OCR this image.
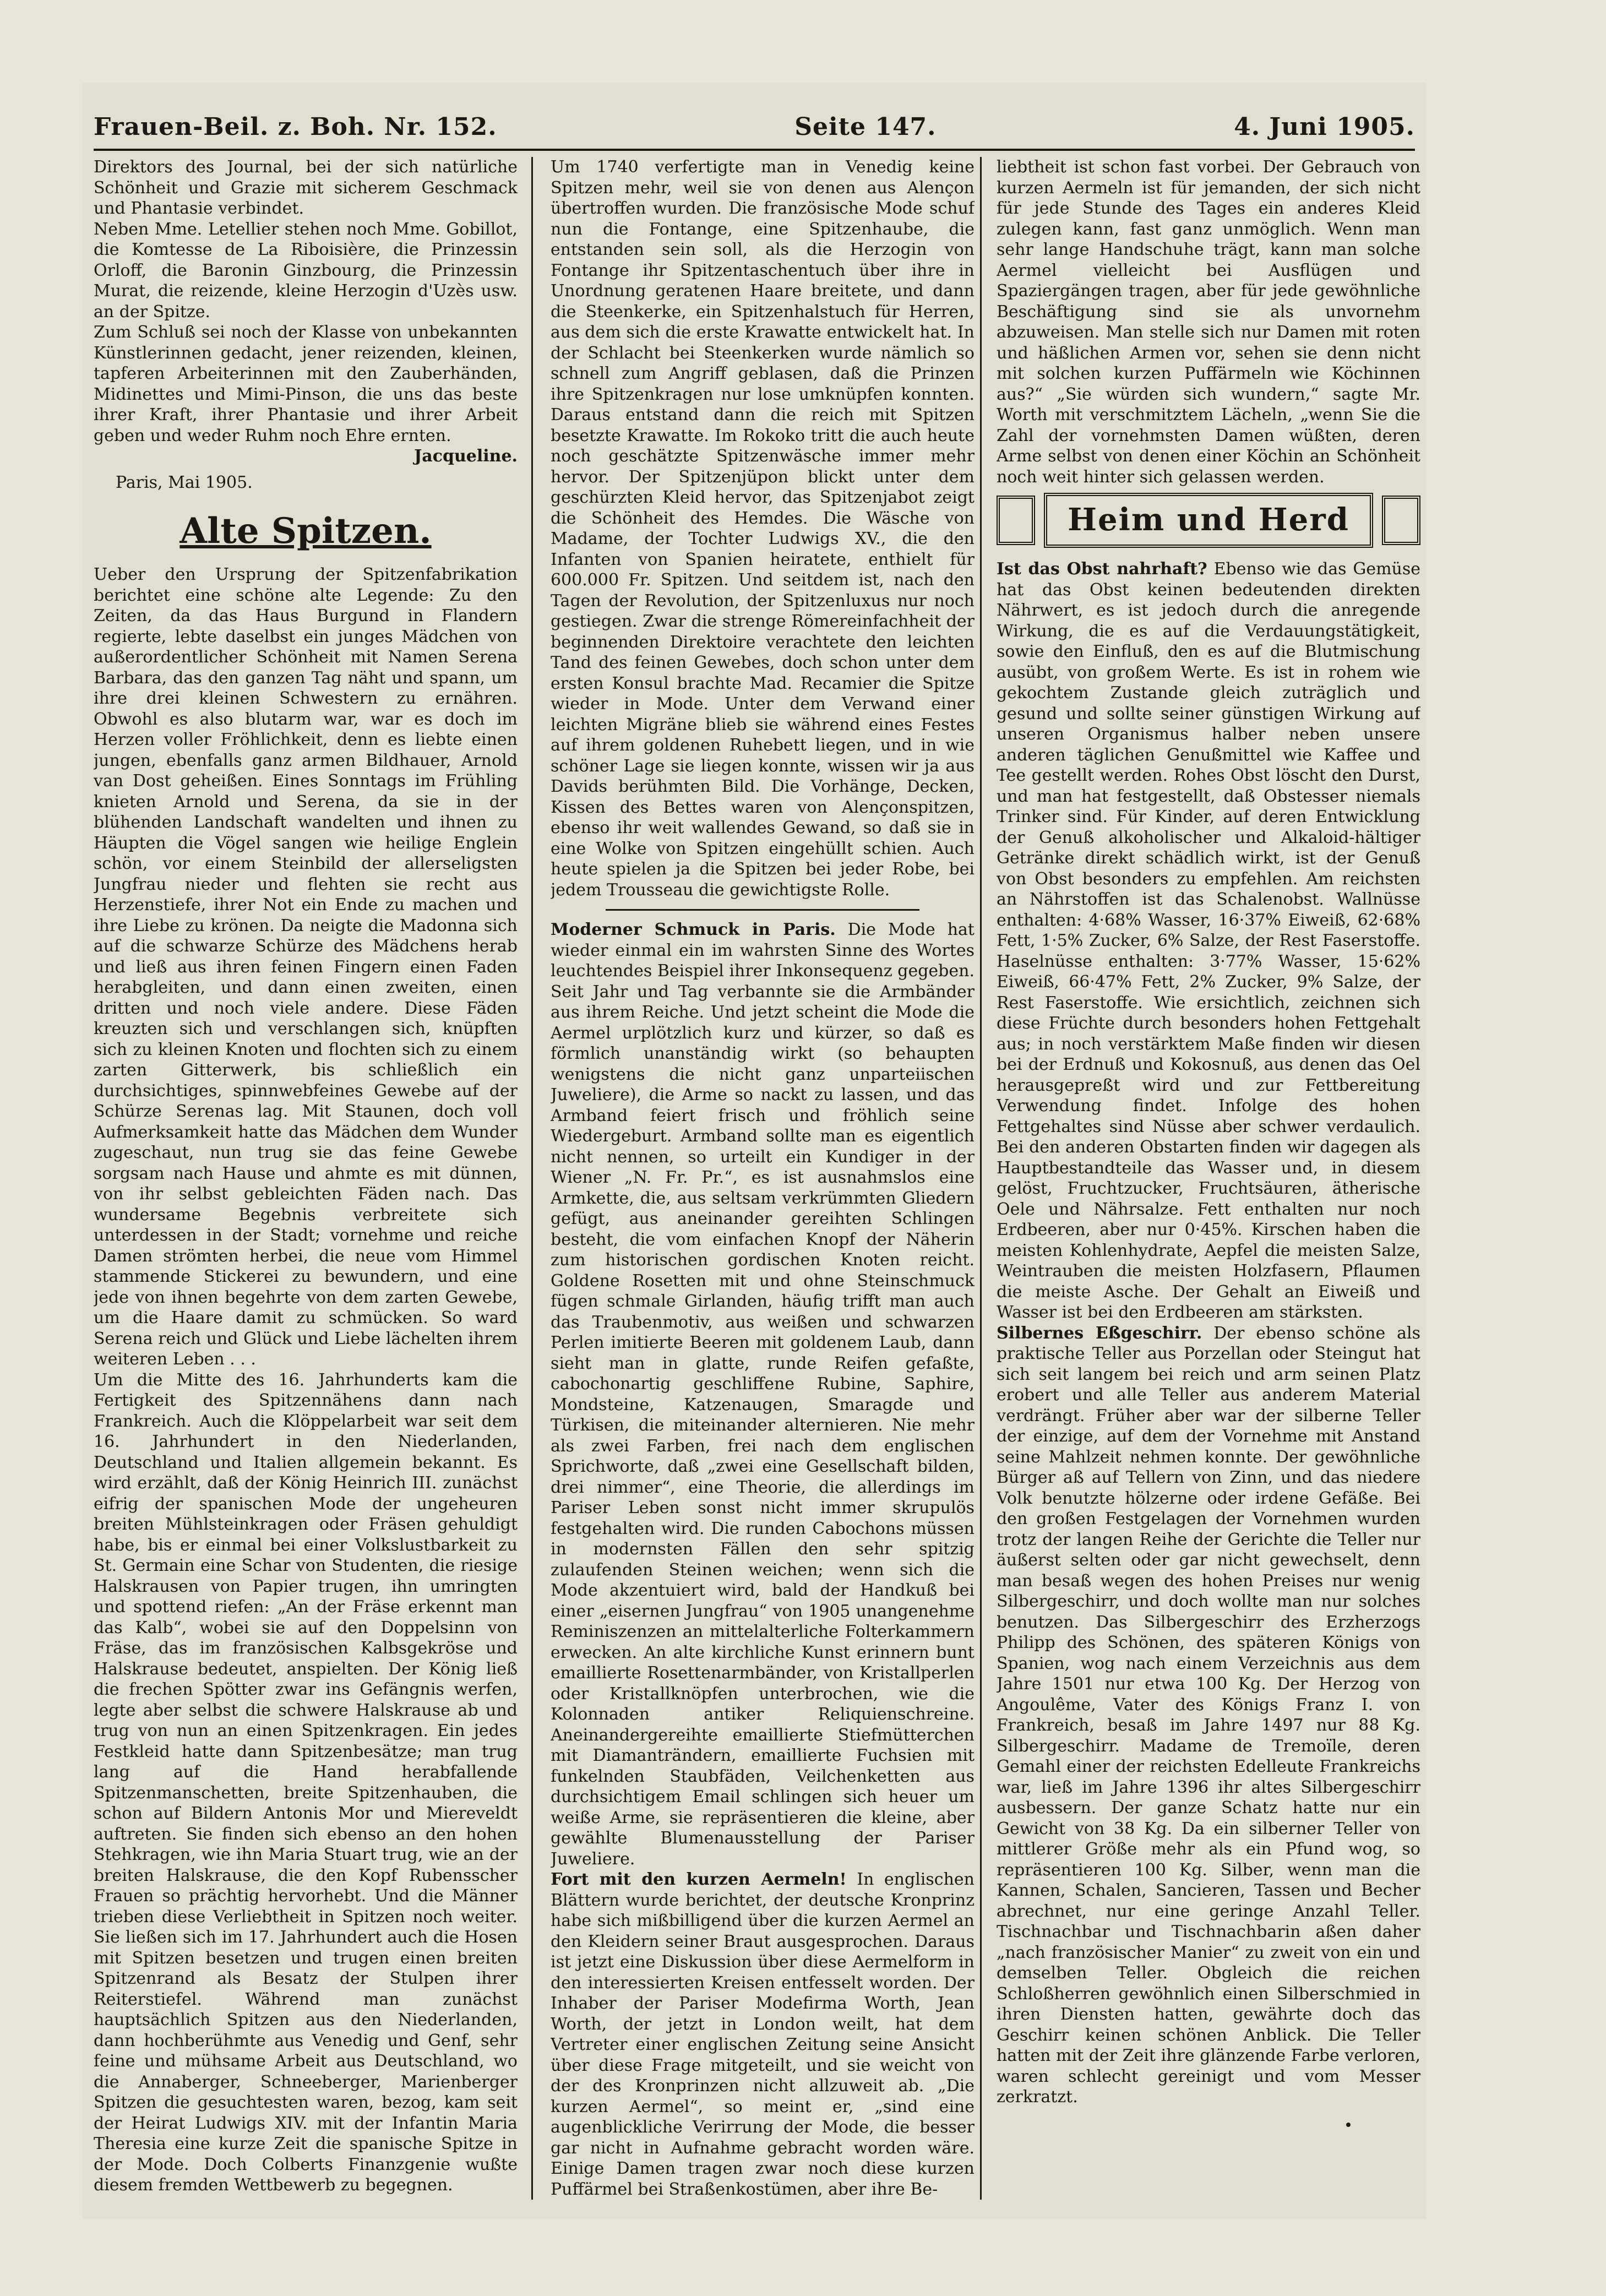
Frauen-Beil. z. Boh. Nr. 152.	Seite 147.	4. Juni 1905.
Direktors des Journal, bei der sich natürliche Schönheit und Grazie mit sicherem Geschmack und Phantasie verbindet.
Neben Mme. Letellier stehen noch Mme. Gobillot, die Komtesse de La Riboisière, die Prinzessin Orloff, die Baronin Ginzbourg, die Prinzessin Murat, die reizende, kleine Herzogin d'Uzès usw. an der Spitze.
Zum Schluß sei noch der Klasse von unbekannten Künstlerinnen gedacht, jener reizenden, kleinen, tapferen Arbeiterinnen mit den Zauberhänden, Midinettes und Mimi-Pinson, die uns das beste ihrer Kraft, ihrer Phantasie und ihrer Arbeit geben und weder Ruhm noch Ehre ernten.

Jacqueline.
Paris, Mai 1905.
Alte Spitzen.
Ueber den Ursprung der Spitzenfabrikation berichtet eine schöne alte Legende: Zu den Zeiten, da das Haus Burgund in Flandern regierte, lebte daselbst ein junges Mädchen von außerordentlicher Schönheit mit Namen Serena Barbara, das den ganzen Tag näht und spann, um ihre drei kleinen Schwestern zu ernähren. Obwohl es also blutarm war, war es doch im Herzen voller Fröhlichkeit, denn es liebte einen jungen, ebenfalls ganz armen Bildhauer, Arnold van Dost geheißen. Eines Sonntags im Frühling knieten Arnold und Serena, da sie in der blühenden Landschaft wandelten und ihnen zu Häupten die Vögel sangen wie heilige Englein schön, vor einem Steinbild der allerseligsten Jungfrau nieder und flehten sie recht aus Herzenstiefe, ihrer Not ein Ende zu machen und ihre Liebe zu krönen. Da neigte die Madonna sich auf die schwarze Schürze des Mädchens herab und ließ aus ihren feinen Fingern einen Faden herabgleiten, und dann einen zweiten, einen dritten und noch viele andere. Diese Fäden kreuzten sich und verschlangen sich, knüpften sich zu kleinen Knoten und flochten sich zu einem zarten Gitterwerk, bis schließlich ein durchsichtiges, spinnwebfeines Gewebe auf der Schürze Serenas lag. Mit Staunen, doch voll Aufmerksamkeit hatte das Mädchen dem Wunder zugeschaut, nun trug sie das feine Gewebe sorgsam nach Hause und ahmte es mit dünnen, von ihr selbst gebleichten Fäden nach. Das wundersame Begebnis verbreitete sich unterdessen in der Stadt; vornehme und reiche Damen strömten herbei, die neue vom Himmel stammende Stickerei zu bewundern, und eine jede von ihnen begehrte von dem zarten Gewebe, um die Haare damit zu schmücken. So ward Serena reich und Glück und Liebe lächelten ihrem weiteren Leben . . .
Um die Mitte des 16. Jahrhunderts kam die Fertigkeit des Spitzennähens dann nach Frankreich. Auch die Klöppelarbeit war seit dem 16. Jahrhundert in den Niederlanden, Deutschland und Italien allgemein bekannt. Es wird erzählt, daß der König Heinrich III. zunächst eifrig der spanischen Mode der ungeheuren breiten Mühlsteinkragen oder Fräsen gehuldigt habe, bis er einmal bei einer Volkslustbarkeit zu St. Germain eine Schar von Studenten, die riesige Halskrausen von Papier trugen, ihn umringten und spottend riefen: „An der Fräse erkennt man das Kalb“, wobei sie auf den Doppelsinn von Fräse, das im französischen Kalbsgekröse und Halskrause bedeutet, anspielten. Der König ließ die frechen Spötter zwar ins Gefängnis werfen, legte aber selbst die schwere Halskrause ab und trug von nun an einen Spitzenkragen. Ein jedes Festkleid hatte dann Spitzenbesätze; man trug lang auf die Hand herabfallende Spitzenmanschetten, breite Spitzenhauben, die schon auf Bildern Antonis Mor und Miereveldt auftreten. Sie finden sich ebenso an den hohen Stehkragen, wie ihn Maria Stuart trug, wie an der breiten Halskrause, die den Kopf Rubensscher Frauen so prächtig hervorhebt. Und die Männer trieben diese Verliebtheit in Spitzen noch weiter. Sie ließen sich im 17. Jahrhundert auch die Hosen mit Spitzen besetzen und trugen einen breiten Spitzenrand als Besatz der Stulpen ihrer Reiterstiefel. Während man zunächst hauptsächlich Spitzen aus den Niederlanden, dann hochberühmte aus Venedig und Genf, sehr feine und mühsame Arbeit aus Deutschland, wo die Annaberger, Schneeberger, Marienberger Spitzen die gesuchtesten waren, bezog, kam seit der Heirat Ludwigs XIV. mit der Infantin Maria Theresia eine kurze Zeit die spanische Spitze in der Mode. Doch Colberts Finanzgenie wußte diesem fremden Wettbewerb zu begegnen.
Um 1740 verfertigte man in Venedig keine Spitzen mehr, weil sie von denen aus Alençon übertroffen wurden. Die französische Mode schuf nun die Fontange, eine Spitzenhaube, die entstanden sein soll, als die Herzogin von Fontange ihr Spitzentaschentuch über ihre in Unordnung geratenen Haare breitete, und dann die Steenkerke, ein Spitzenhalstuch für Herren, aus dem sich die erste Krawatte entwickelt hat. In der Schlacht bei Steenkerken wurde nämlich so schnell zum Angriff geblasen, daß die Prinzen ihre Spitzenkragen nur lose umknüpfen konnten. Daraus entstand dann die reich mit Spitzen besetzte Krawatte. Im Rokoko tritt die auch heute noch geschätzte Spitzenwäsche immer mehr hervor. Der Spitzenjüpon blickt unter dem geschürzten Kleid hervor, das Spitzenjabot zeigt die Schönheit des Hemdes. Die Wäsche von Madame, der Tochter Ludwigs XV., die den Infanten von Spanien heiratete, enthielt für 600.000 Fr. Spitzen. Und seitdem ist, nach den Tagen der Revolution, der Spitzenluxus nur noch gestiegen. Zwar die strenge Römereinfachheit der beginnenden Direktoire verachtete den leichten Tand des feinen Gewebes, doch schon unter dem ersten Konsul brachte Mad. Recamier die Spitze wieder in Mode. Unter dem Verwand einer leichten Migräne blieb sie während eines Festes auf ihrem goldenen Ruhebett liegen, und in wie schöner Lage sie liegen konnte, wissen wir ja aus Davids berühmten Bild. Die Vorhänge, Decken, Kissen des Bettes waren von Alençonspitzen, ebenso ihr weit wallendes Gewand, so daß sie in eine Wolke von Spitzen eingehüllt schien. Auch heute spielen ja die Spitzen bei jeder Robe, bei jedem Trousseau die gewichtigste Rolle.
Moderner Schmuck in Paris. Die Mode hat wieder einmal ein im wahrsten Sinne des Wortes leuchtendes Beispiel ihrer Inkonsequenz gegeben. Seit Jahr und Tag verbannte sie die Armbänder aus ihrem Reiche. Und jetzt scheint die Mode die Aermel urplötzlich kurz und kürzer, so daß es förmlich unanständig wirkt (so behaupten wenigstens die nicht ganz unparteiischen Juweliere), die Arme so nackt zu lassen, und das Armband feiert frisch und fröhlich seine Wiedergeburt. Armband sollte man es eigentlich nicht nennen, so urteilt ein Kundiger in der Wiener „N. Fr. Pr.“, es ist ausnahmslos eine Armkette, die, aus seltsam verkrümmten Gliedern gefügt, aus aneinander gereihten Schlingen besteht, die vom einfachen Knopf der Näherin zum historischen gordischen Knoten reicht. Goldene Rosetten mit und ohne Steinschmuck fügen schmale Girlanden, häufig trifft man auch das Traubenmotiv, aus weißen und schwarzen Perlen imitierte Beeren mit goldenem Laub, dann sieht man in glatte, runde Reifen gefaßte, cabochonartig geschliffene Rubine, Saphire, Mondsteine, Katzenaugen, Smaragde und Türkisen, die miteinander alternieren. Nie mehr als zwei Farben, frei nach dem englischen Sprichworte, daß „zwei eine Gesellschaft bilden, drei nimmer“, eine Theorie, die allerdings im Pariser Leben sonst nicht immer skrupulös festgehalten wird. Die runden Cabochons müssen in modernsten Fällen den sehr spitzig zulaufenden Steinen weichen; wenn sich die Mode akzentuiert wird, bald der Handkuß bei einer „eisernen Jungfrau“ von 1905 unangenehme Reminiszenzen an mittelalterliche Folterkammern erwecken. An alte kirchliche Kunst erinnern bunt emaillierte Rosettenarmbänder, von Kristallperlen oder Kristallknöpfen unterbrochen, wie die Kolonnaden antiker Reliquienschreine. Aneinandergereihte emaillierte Stiefmütterchen mit Diamanträndern, emaillierte Fuchsien mit funkelnden Staubfäden, Veilchenketten aus durchsichtigem Email schlingen sich heuer um weiße Arme, sie repräsentieren die kleine, aber gewählte Blumenausstellung der Pariser Juweliere.
Fort mit den kurzen Aermeln! In englischen Blättern wurde berichtet, der deutsche Kronprinz habe sich mißbilligend über die kurzen Aermel an den Kleidern seiner Braut ausgesprochen. Daraus ist jetzt eine Diskussion über diese Aermelform in den interessierten Kreisen entfesselt worden. Der Inhaber der Pariser Modefirma Worth, Jean Worth, der jetzt in London weilt, hat dem Vertreter einer englischen Zeitung seine Ansicht über diese Frage mitgeteilt, und sie weicht von der des Kronprinzen nicht allzuweit ab. „Die kurzen Aermel“, so meint er, „sind eine augenblickliche Verirrung der Mode, die besser gar nicht in Aufnahme gebracht worden wäre. Einige Damen tragen zwar noch diese kurzen Puffärmel bei Straßenkostümen, aber ihre Be-
liebtheit ist schon fast vorbei. Der Gebrauch von kurzen Aermeln ist für jemanden, der sich nicht für jede Stunde des Tages ein anderes Kleid zulegen kann, fast ganz unmöglich. Wenn man sehr lange Handschuhe trägt, kann man solche Aermel vielleicht bei Ausflügen und Spaziergängen tragen, aber für jede gewöhnliche Beschäftigung sind sie als unvornehm abzuweisen. Man stelle sich nur Damen mit roten und häßlichen Armen vor, sehen sie denn nicht mit solchen kurzen Puffärmeln wie Köchinnen aus?“ „Sie würden sich wundern,“ sagte Mr. Worth mit verschmitztem Lächeln, „wenn Sie die Zahl der vornehmsten Damen wüßten, deren Arme selbst von denen einer Köchin an Schönheit noch weit hinter sich gelassen werden.
Heim und Herd
Ist das Obst nahrhaft? Ebenso wie das Gemüse hat das Obst keinen bedeutenden direkten Nährwert, es ist jedoch durch die anregende Wirkung, die es auf die Verdauungstätigkeit, sowie den Einfluß, den es auf die Blutmischung ausübt, von großem Werte. Es ist in rohem wie gekochtem Zustande gleich zuträglich und gesund und sollte seiner günstigen Wirkung auf unseren Organismus halber neben unsere anderen täglichen Genußmittel wie Kaffee und Tee gestellt werden. Rohes Obst löscht den Durst, und man hat festgestellt, daß Obstesser niemals Trinker sind. Für Kinder, auf deren Entwicklung der Genuß alkoholischer und Alkaloid-hältiger Getränke direkt schädlich wirkt, ist der Genuß von Obst besonders zu empfehlen. Am reichsten an Nährstoffen ist das Schalenobst. Wallnüsse enthalten: 4·68% Wasser, 16·37% Eiweiß, 62·68% Fett, 1·5% Zucker, 6% Salze, der Rest Faserstoffe. Haselnüsse enthalten: 3·77% Wasser, 15·62% Eiweiß, 66·47% Fett, 2% Zucker, 9% Salze, der Rest Faserstoffe. Wie ersichtlich, zeichnen sich diese Früchte durch besonders hohen Fettgehalt aus; in noch verstärktem Maße finden wir diesen bei der Erdnuß und Kokosnuß, aus denen das Oel herausgepreßt wird und zur Fettbereitung Verwendung findet. Infolge des hohen Fettgehaltes sind Nüsse aber schwer verdaulich. Bei den anderen Obstarten finden wir dagegen als Hauptbestandteile das Wasser und, in diesem gelöst, Fruchtzucker, Fruchtsäuren, ätherische Oele und Nährsalze. Fett enthalten nur noch Erdbeeren, aber nur 0·45%. Kirschen haben die meisten Kohlenhydrate, Aepfel die meisten Salze, Weintrauben die meisten Holzfasern, Pflaumen die meiste Asche. Der Gehalt an Eiweiß und Wasser ist bei den Erdbeeren am stärksten.
Silbernes Eßgeschirr. Der ebenso schöne als praktische Teller aus Porzellan oder Steingut hat sich seit langem bei reich und arm seinen Platz erobert und alle Teller aus anderem Material verdrängt. Früher aber war der silberne Teller der einzige, auf dem der Vornehme mit Anstand seine Mahlzeit nehmen konnte. Der gewöhnliche Bürger aß auf Tellern von Zinn, und das niedere Volk benutzte hölzerne oder irdene Gefäße. Bei den großen Festgelagen der Vornehmen wurden trotz der langen Reihe der Gerichte die Teller nur äußerst selten oder gar nicht gewechselt, denn man besaß wegen des hohen Preises nur wenig Silbergeschirr, und doch wollte man nur solches benutzen. Das Silbergeschirr des Erzherzogs Philipp des Schönen, des späteren Königs von Spanien, wog nach einem Verzeichnis aus dem Jahre 1501 nur etwa 100 Kg. Der Herzog von Angoulême, Vater des Königs Franz I. von Frankreich, besaß im Jahre 1497 nur 88 Kg. Silbergeschirr. Madame de Tremoïle, deren Gemahl einer der reichsten Edelleute Frankreichs war, ließ im Jahre 1396 ihr altes Silbergeschirr ausbessern. Der ganze Schatz hatte nur ein Gewicht von 38 Kg. Da ein silberner Teller von mittlerer Größe mehr als ein Pfund wog, so repräsentieren 100 Kg. Silber, wenn man die Kannen, Schalen, Sancieren, Tassen und Becher abrechnet, nur eine geringe Anzahl Teller. Tischnachbar und Tischnachbarin aßen daher „nach französischer Manier“ zu zweit von ein und demselben Teller. Obgleich die reichen Schloßherren gewöhnlich einen Silberschmied in ihren Diensten hatten, gewährte doch das Geschirr keinen schönen Anblick. Die Teller hatten mit der Zeit ihre glänzende Farbe verloren, waren schlecht gereinigt und vom Messer zerkratzt.
